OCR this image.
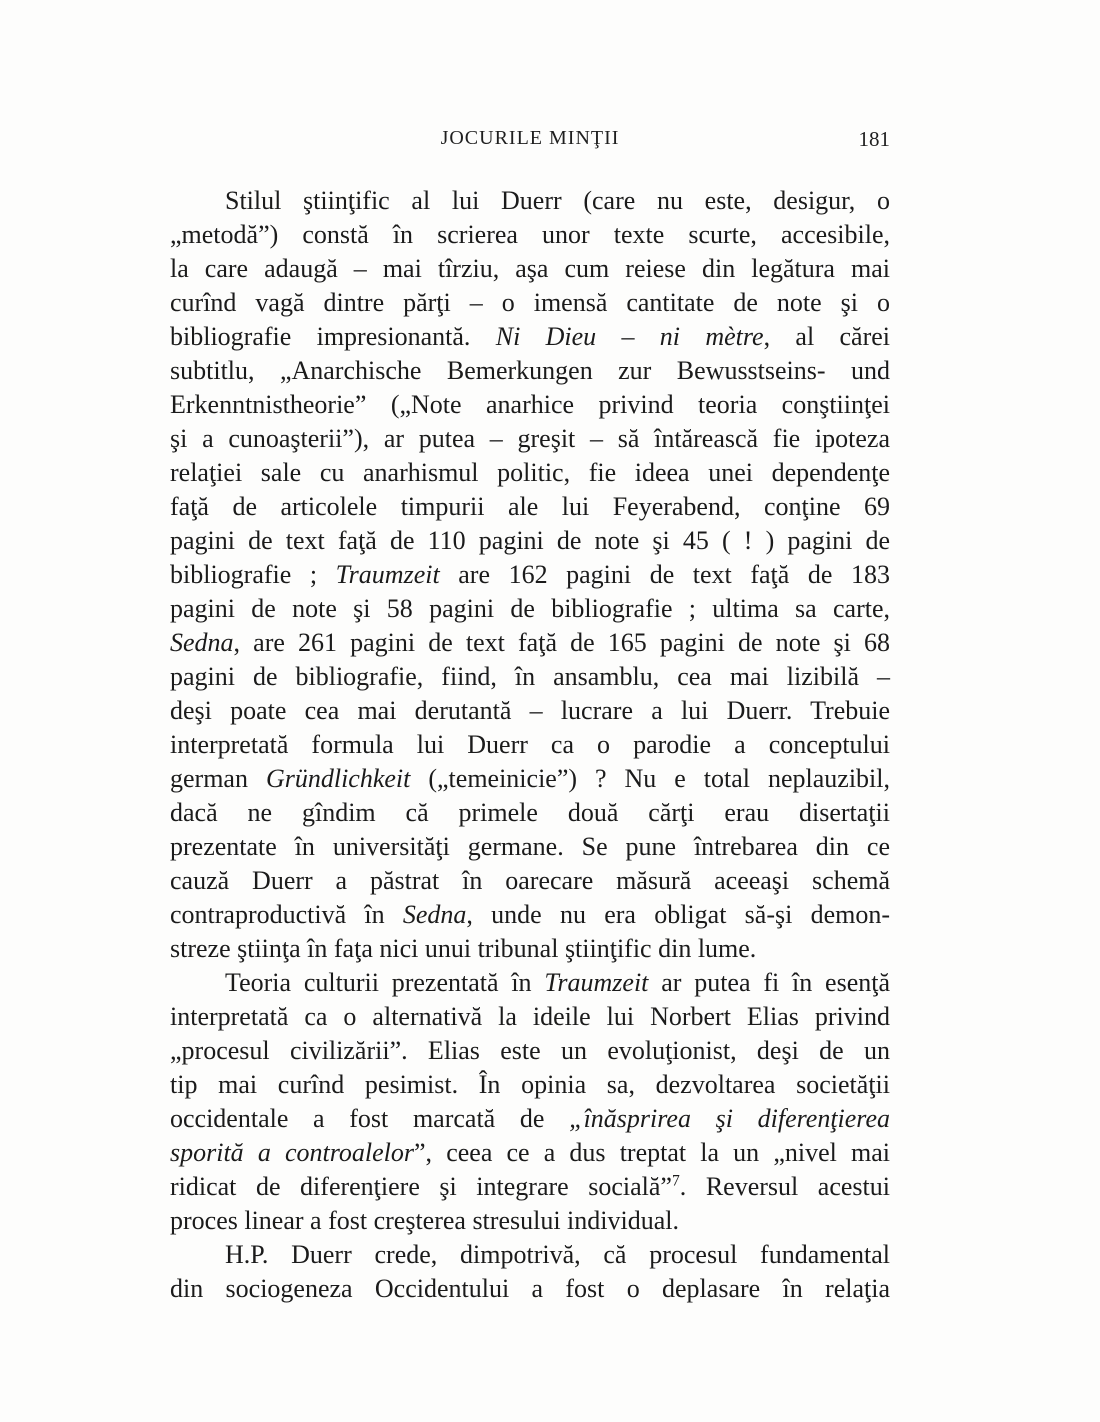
JOCURILE MINŢII	181
Stilul ştiinţific al lui Duerr (care nu este, desigur, o
„metodă”) constă în scrierea unor texte scurte, accesibile,
la care adaugă – mai tîrziu, aşa cum reiese din legătura mai
curînd vagă dintre părţi – o imensă cantitate de note şi o
bibliografie impresionantă. Ni Dieu – ni mètre, al cărei
subtitlu, „Anarchische Bemerkungen zur Bewusstseins- und
Erkenntnistheorie” („Note anarhice privind teoria conştiinţei
şi a cunoaşterii”), ar putea – greşit – să întărească fie ipoteza
relaţiei sale cu anarhismul politic, fie ideea unei dependenţe
faţă de articolele timpurii ale lui Feyerabend, conţine 69
pagini de text faţă de 110 pagini de note şi 45 ( ! ) pagini de
bibliografie ; Traumzeit are 162 pagini de text faţă de 183
pagini de note şi 58 pagini de bibliografie ; ultima sa carte,
Sedna, are 261 pagini de text faţă de 165 pagini de note şi 68
pagini de bibliografie, fiind, în ansamblu, cea mai lizibilă –
deşi poate cea mai derutantă – lucrare a lui Duerr. Trebuie
interpretată formula lui Duerr ca o parodie a conceptului
german Gründlichkeit („temeinicie”) ? Nu e total neplauzibil,
dacă ne gîndim că primele două cărţi erau disertaţii
prezentate în universităţi germane. Se pune întrebarea din ce
cauză Duerr a păstrat în oarecare măsură aceeaşi schemă
contraproductivă în Sedna, unde nu era obligat să-şi demon-
streze ştiinţa în faţa nici unui tribunal ştiinţific din lume.
Teoria culturii prezentată în Traumzeit ar putea fi în esenţă
interpretată ca o alternativă la ideile lui Norbert Elias privind
„procesul civilizării”. Elias este un evoluţionist, deşi de un
tip mai curînd pesimist. În opinia sa, dezvoltarea societăţii
occidentale a fost marcată de „înăsprirea şi diferenţierea
sporită a controalelor”, ceea ce a dus treptat la un „nivel mai
ridicat de diferenţiere şi integrare socială”$^7$. Reversul acestui
proces linear a fost creşterea stresului individual.
H.P. Duerr crede, dimpotrivă, că procesul fundamental
din sociogeneza Occidentului a fost o deplasare în relaţia
